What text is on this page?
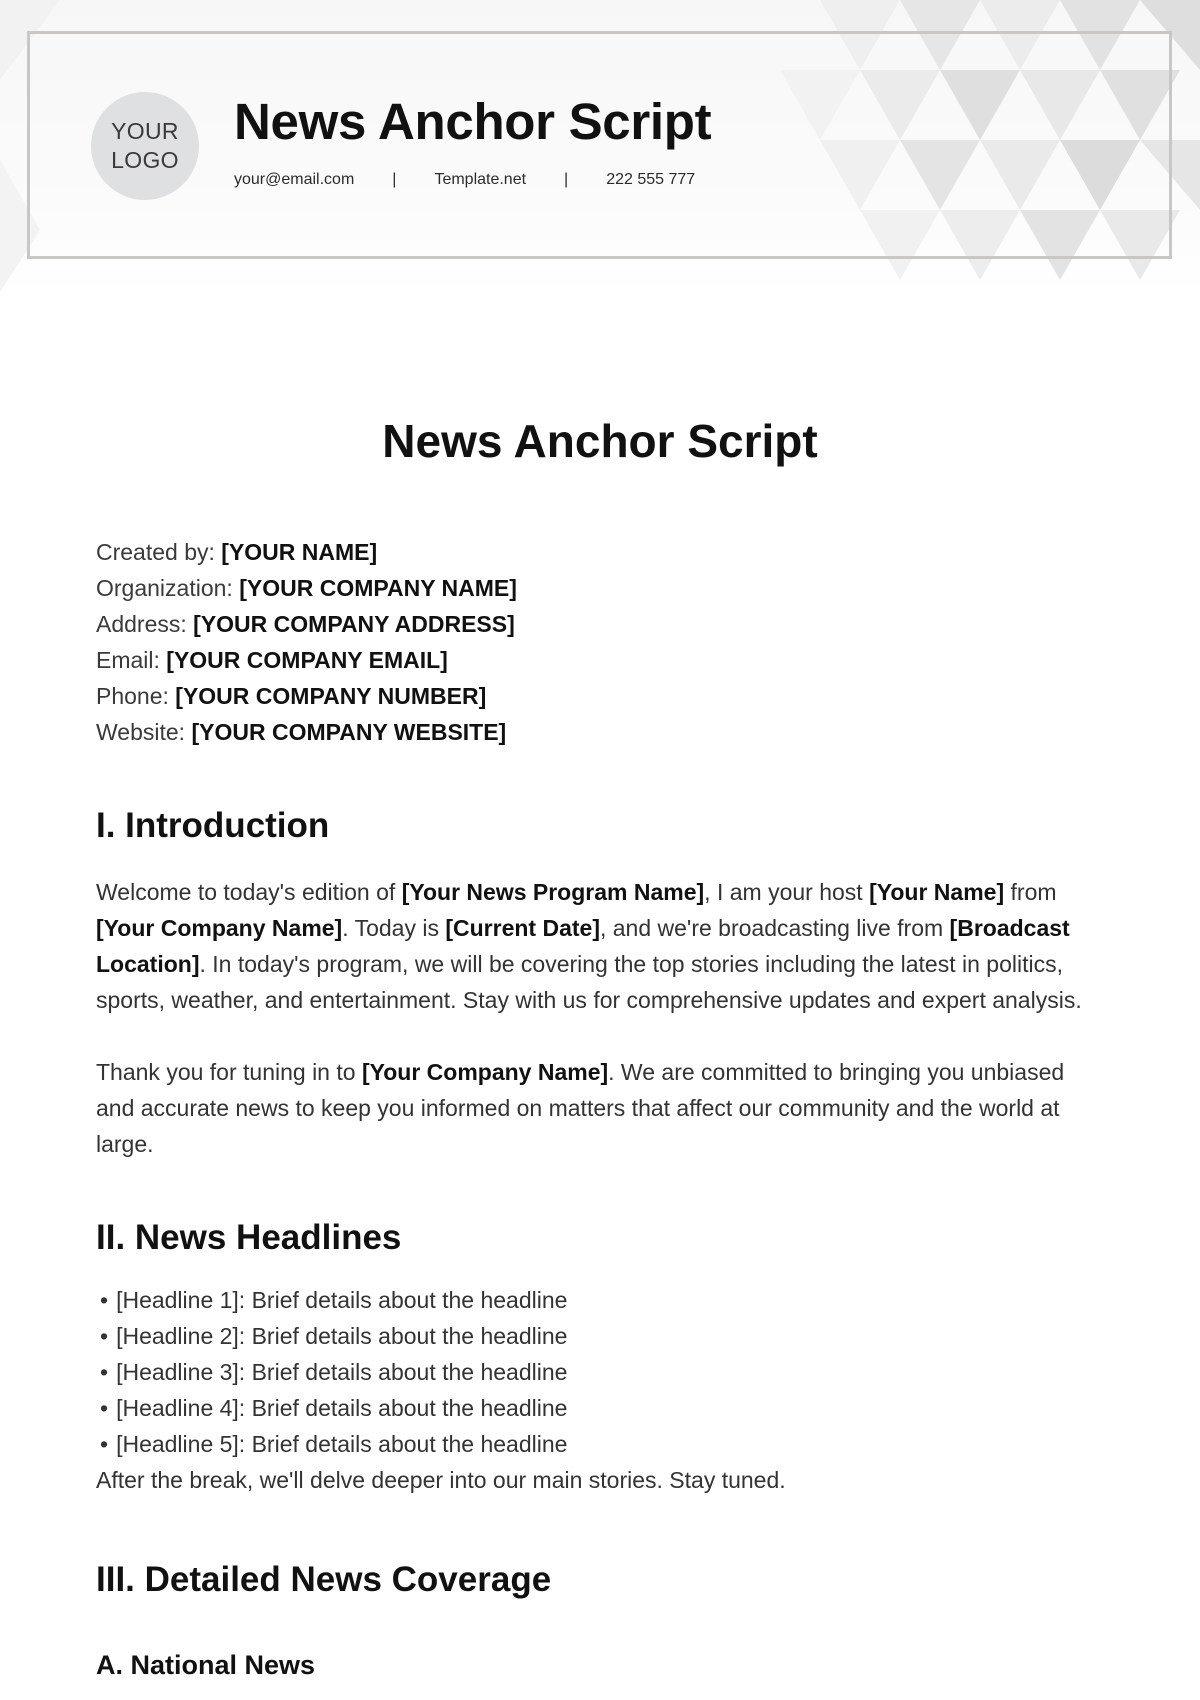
YOUR
LOGO
News Anchor Script
your@email.com | Template.net | 222 555 777
News Anchor Script
Created by: [YOUR NAME]
Organization: [YOUR COMPANY NAME]
Address: [YOUR COMPANY ADDRESS]
Email: [YOUR COMPANY EMAIL]
Phone: [YOUR COMPANY NUMBER]
Website: [YOUR COMPANY WEBSITE]
I. Introduction

Welcome to today's edition of [Your News Program Name], I am your host [Your Name] from [Your Company Name]. Today is [Current Date], and we're broadcasting live from [Broadcast Location]. In today's program, we will be covering the top stories including the latest in politics, sports, weather, and entertainment. Stay with us for comprehensive updates and expert analysis.

Thank you for tuning in to [Your Company Name]. We are committed to bringing you unbiased and accurate news to keep you informed on matters that affect our community and the world at large.

II. News Headlines
• [Headline 1]: Brief details about the headline
• [Headline 2]: Brief details about the headline
• [Headline 3]: Brief details about the headline
• [Headline 4]: Brief details about the headline
• [Headline 5]: Brief details about the headline

After the break, we'll delve deeper into our main stories. Stay tuned.

III. Detailed News Coverage
A. National News
